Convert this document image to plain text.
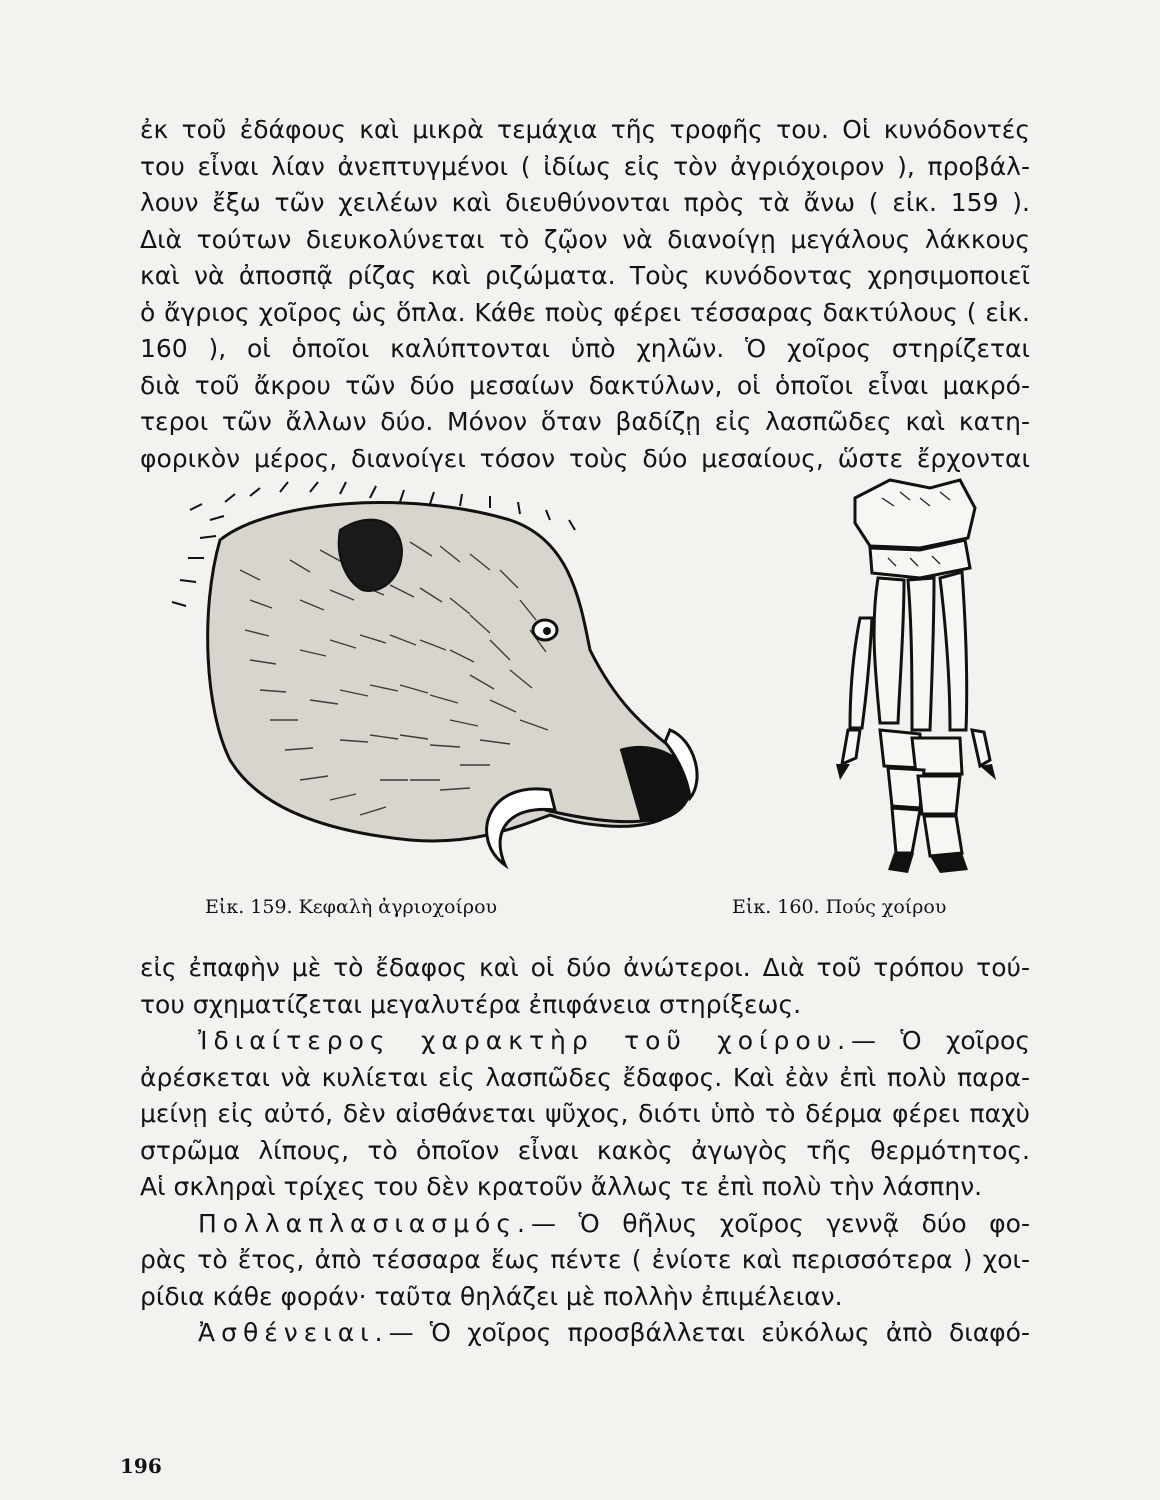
ἐκ τοῦ ἐδάφους καὶ μικρὰ τεμάχια τῆς τροφῆς του. Οἱ κυνόδοντές
του εἶναι λίαν ἀνεπτυγμένοι ( ἰδίως εἰς τὸν ἀγριόχοιρον ), προβάλ-
λουν ἔξω τῶν χειλέων καὶ διευθύνονται πρὸς τὰ ἄνω ( εἰκ. 159 ).
Διὰ τούτων διευκολύνεται τὸ ζῷον νὰ διανοίγῃ μεγάλους λάκκους
καὶ νὰ ἀποσπᾷ ρίζας καὶ ριζώματα. Τοὺς κυνόδοντας χρησιμοποιεῖ
ὁ ἄγριος χοῖρος ὡς ὅπλα. Κάθε ποὺς φέρει τέσσαρας δακτύλους ( εἰκ.
160 ), οἱ ὁποῖοι καλύπτονται ὑπὸ χηλῶν. Ὁ χοῖρος στηρίζεται
διὰ τοῦ ἄκρου τῶν δύο μεσαίων δακτύλων, οἱ ὁποῖοι εἶναι μακρό-
τεροι τῶν ἄλλων δύο. Μόνον ὅταν βαδίζῃ εἰς λασπῶδες καὶ κατη-
φορικὸν μέρος, διανοίγει τόσον τοὺς δύο μεσαίους, ὥστε ἔρχονται
Εἰκ. 159. Κεφαλὴ ἀγριοχοίρου	Εἰκ. 160. Πούς χοίρου
εἰς ἐπαφὴν μὲ τὸ ἔδαφος καὶ οἱ δύο ἀνώτεροι. Διὰ τοῦ τρόπου τού-
του σχηματίζεται μεγαλυτέρα ἐπιφάνεια στηρίξεως.
Ἰδιαίτερος χαρακτὴρ τοῦ χοίρου.— Ὁ χοῖρος
ἀρέσκεται νὰ κυλίεται εἰς λασπῶδες ἔδαφος. Καὶ ἐὰν ἐπὶ πολὺ παρα-
μείνῃ εἰς αὐτό, δὲν αἰσθάνεται ψῦχος, διότι ὑπὸ τὸ δέρμα φέρει παχὺ
στρῶμα λίπους, τὸ ὁποῖον εἶναι κακὸς ἀγωγὸς τῆς θερμότητος.
Αἱ σκληραὶ τρίχες του δὲν κρατοῦν ἄλλως τε ἐπὶ πολὺ τὴν λάσπην.
Πολλαπλασιασμός.— Ὁ θῆλυς χοῖρος γεννᾷ δύο φο-
ρὰς τὸ ἔτος, ἀπὸ τέσσαρα ἕως πέντε ( ἐνίοτε καὶ περισσότερα ) χοι-
ρίδια κάθε φοράν· ταῦτα θηλάζει μὲ πολλὴν ἐπιμέλειαν.
Ἀσθένειαι.— Ὁ χοῖρος προσβάλλεται εὐκόλως ἀπὸ διαφό-
196
